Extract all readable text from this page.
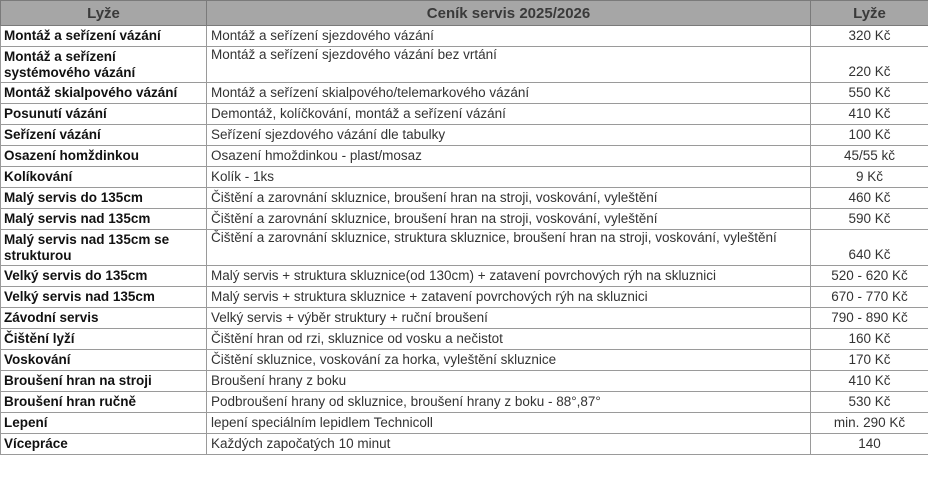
Lyže	Ceník servis 2025/2026	Lyže
Montáž a seřízení vázání	Montáž a seřízení sjezdového vázání	320 Kč
Montáž a seřízení systémového vázání	Montáž a seřízení sjezdového vázání bez vrtání	220 Kč
Montáž skialpového vázání	Montáž a seřízení skialpového/telemarkového vázání	550 Kč
Posunutí vázání	Demontáž, kolíčkování, montáž a seřízení vázání	410 Kč
Seřízení vázání	Seřízení sjezdového vázání dle tabulky	100 Kč
Osazení homždinkou	Osazení hmoždinkou - plast/mosaz	45/55 kč
Kolíkování	Kolík - 1ks	9 Kč
Malý servis do 135cm	Čištění a zarovnání skluznice, broušení hran na stroji, voskování, vyleštění	460 Kč
Malý servis nad 135cm	Čištění a zarovnání skluznice, broušení hran na stroji, voskování, vyleštění	590 Kč
Malý servis nad 135cm se strukturou	Čištění a zarovnání skluznice, struktura skluznice, broušení hran na stroji, voskování, vyleštění	640 Kč
Velký servis do 135cm	Malý servis + struktura skluznice(od 130cm) + zatavení povrchových rýh na skluznici	520 - 620 Kč
Velký servis nad 135cm	Malý servis + struktura skluznice + zatavení povrchových rýh na skluznici	670 - 770 Kč
Závodní servis	Velký servis + výběr struktury + ruční broušení	790 - 890 Kč
Čištění lyží	Čištění hran od rzi, skluznice od vosku a nečistot	160 Kč
Voskování	Čištění skluznice, voskování za horka, vyleštění skluznice	170 Kč
Broušení hran na stroji	Broušení hrany z boku	410 Kč
Broušení hran ručně	Podbroušení hrany od skluznice, broušení hrany z boku - 88°,87°	530 Kč
Lepení	lepení speciálním lepidlem Technicoll	min. 290 Kč
Vícepráce	Každých započatých 10 minut	140
